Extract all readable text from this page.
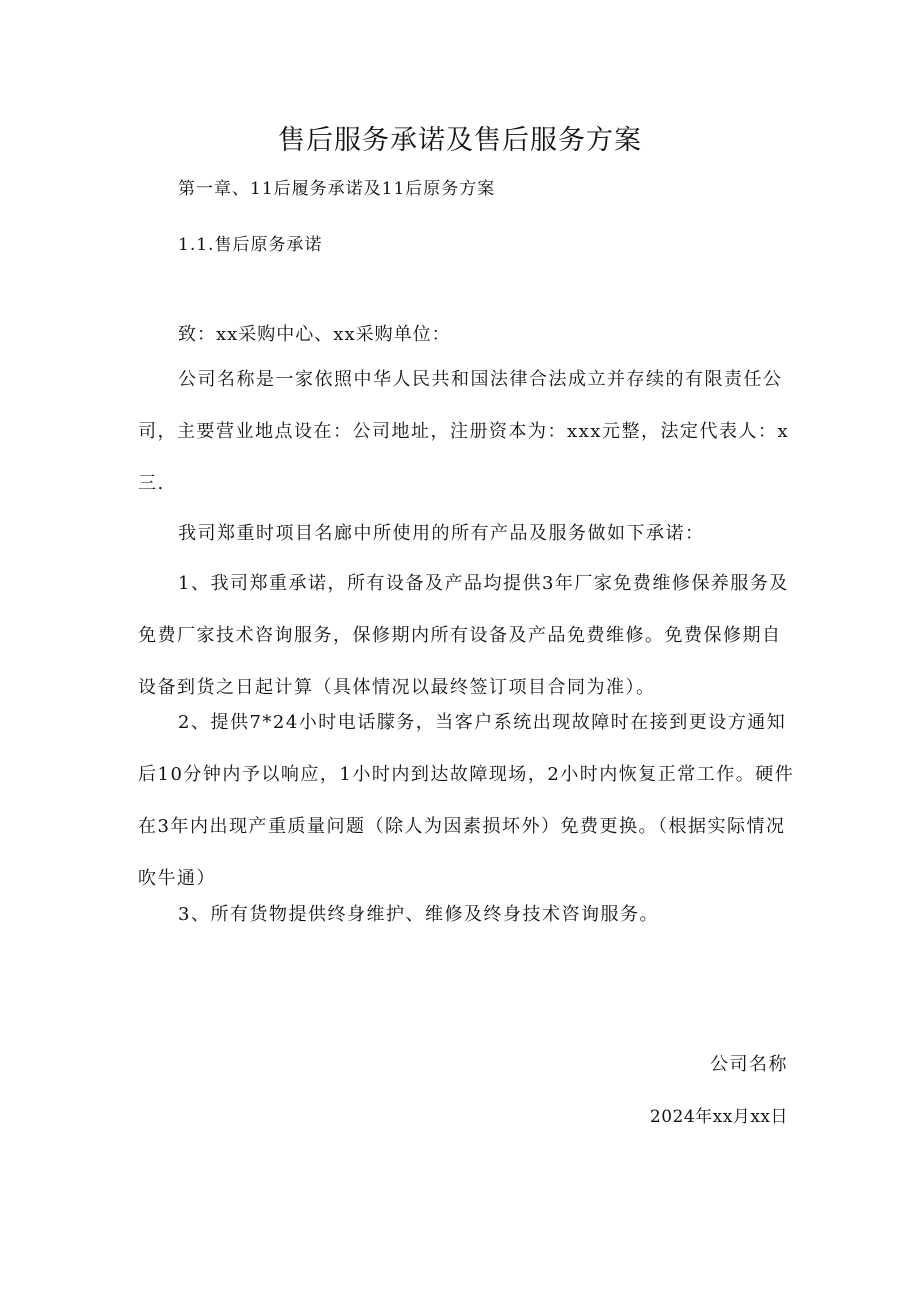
售后服务承诺及售后服务方案
第一章、11后履务承诺及11后原务方案
1.1.售后原务承诺
致：xx采购中心、xx采购单位：

公司名称是一家依照中华人民共和国法律合法成立并存续的有限责任公司，主要营业地点设在：公司地址，注册资本为：xxx元整，法定代表人：x三.

我司郑重时项目名廊中所使用的所有产品及服务做如下承诺：

1、我司郑重承诺，所有设备及产品均提供3年厂家免费维修保养服务及免费厂家技术咨询服务，保修期内所有设备及产品免费维修。免费保修期自设备到货之日起计算（具体情况以最终签订项目合同为准）。

2、提供7*24小时电话朦务，当客户系统出现故障时在接到更设方通知后10分钟内予以响应，1小时内到达故障现场，2小时内恢复正常工作。硬件在3年内出现产重质量问题（除人为因素损坏外）免费更换。（根据实际情况吹牛通）

3、所有货物提供终身维护、维修及终身技术咨询服务。

公司名称
2024年xx月xx日
